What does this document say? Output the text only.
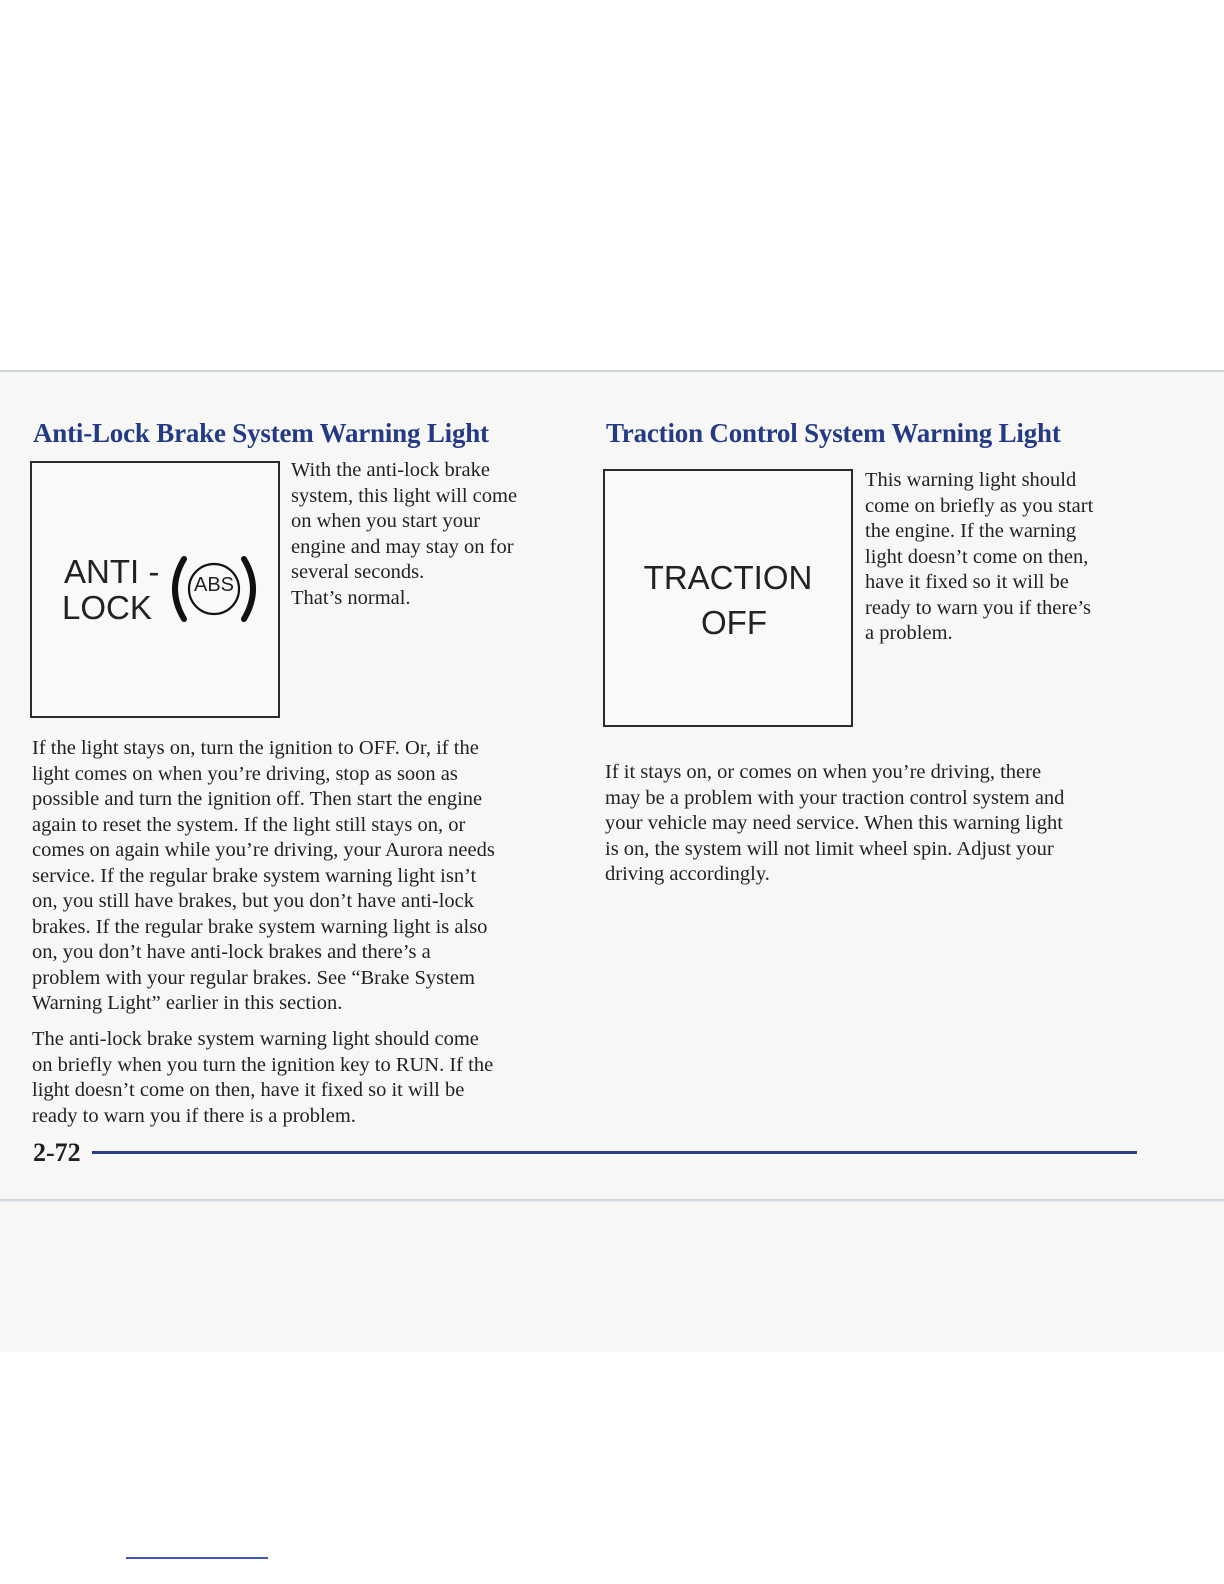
Anti-Lock Brake System Warning Light
ANTI -
LOCK
ABS
With the anti-lock brake
system, this light will come
on when you start your
engine and may stay on for
several seconds.
That’s normal.
If the light stays on, turn the ignition to OFF. Or, if the
light comes on when you’re driving, stop as soon as
possible and turn the ignition off. Then start the engine
again to reset the system. If the light still stays on, or
comes on again while you’re driving, your Aurora needs
service. If the regular brake system warning light isn’t
on, you still have brakes, but you don’t have anti-lock
brakes. If the regular brake system warning light is also
on, you don’t have anti-lock brakes and there’s a
problem with your regular brakes. See “Brake System
Warning Light” earlier in this section.
The anti-lock brake system warning light should come
on briefly when you turn the ignition key to RUN. If the
light doesn’t come on then, have it fixed so it will be
ready to warn you if there is a problem.
Traction Control System Warning Light
TRACTION
OFF
This warning light should
come on briefly as you start
the engine. If the warning
light doesn’t come on then,
have it fixed so it will be
ready to warn you if there’s
a problem.
If it stays on, or comes on when you’re driving, there
may be a problem with your traction control system and
your vehicle may need service. When this warning light
is on, the system will not limit wheel spin. Adjust your
driving accordingly.
2-72
